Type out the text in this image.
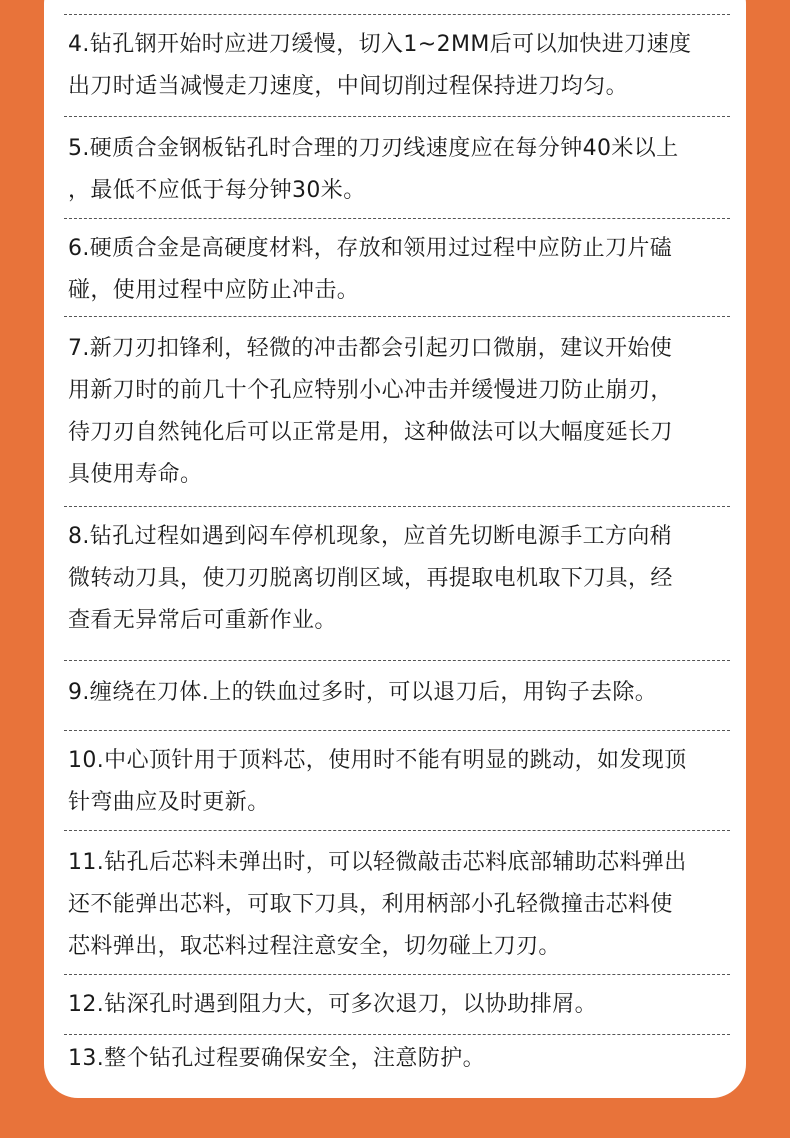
4.钻孔钢开始时应进刀缓慢，切入1~2MM后可以加快进刀速度
出刀时适当减慢走刀速度，中间切削过程保持进刀均匀。

5.硬质合金钢板钻孔时合理的刀刃线速度应在每分钟40米以上
，最低不应低于每分钟30米。

6.硬质合金是高硬度材料，存放和领用过过程中应防止刀片磕
碰，使用过程中应防止冲击。

7.新刀刃扣锋利，轻微的冲击都会引起刃口微崩，建议开始使
用新刀时的前几十个孔应特别小心冲击并缓慢进刀防止崩刃，
待刀刃自然钝化后可以正常是用，这种做法可以大幅度延长刀
具使用寿命。

8.钻孔过程如遇到闷车停机现象，应首先切断电源手工方向稍
微转动刀具，使刀刃脱离切削区域，再提取电机取下刀具，经
查看无异常后可重新作业。

9.缠绕在刀体.上的铁血过多时，可以退刀后，用钩子去除。

10.中心顶针用于顶料芯，使用时不能有明显的跳动，如发现顶
针弯曲应及时更新。

11.钻孔后芯料未弹出时，可以轻微敲击芯料底部辅助芯料弹出
还不能弹出芯料，可取下刀具，利用柄部小孔轻微撞击芯料使
芯料弹出，取芯料过程注意安全，切勿碰上刀刃。

12.钻深孔时遇到阻力大，可多次退刀，以协助排屑。

13.整个钻孔过程要确保安全，注意防护。
